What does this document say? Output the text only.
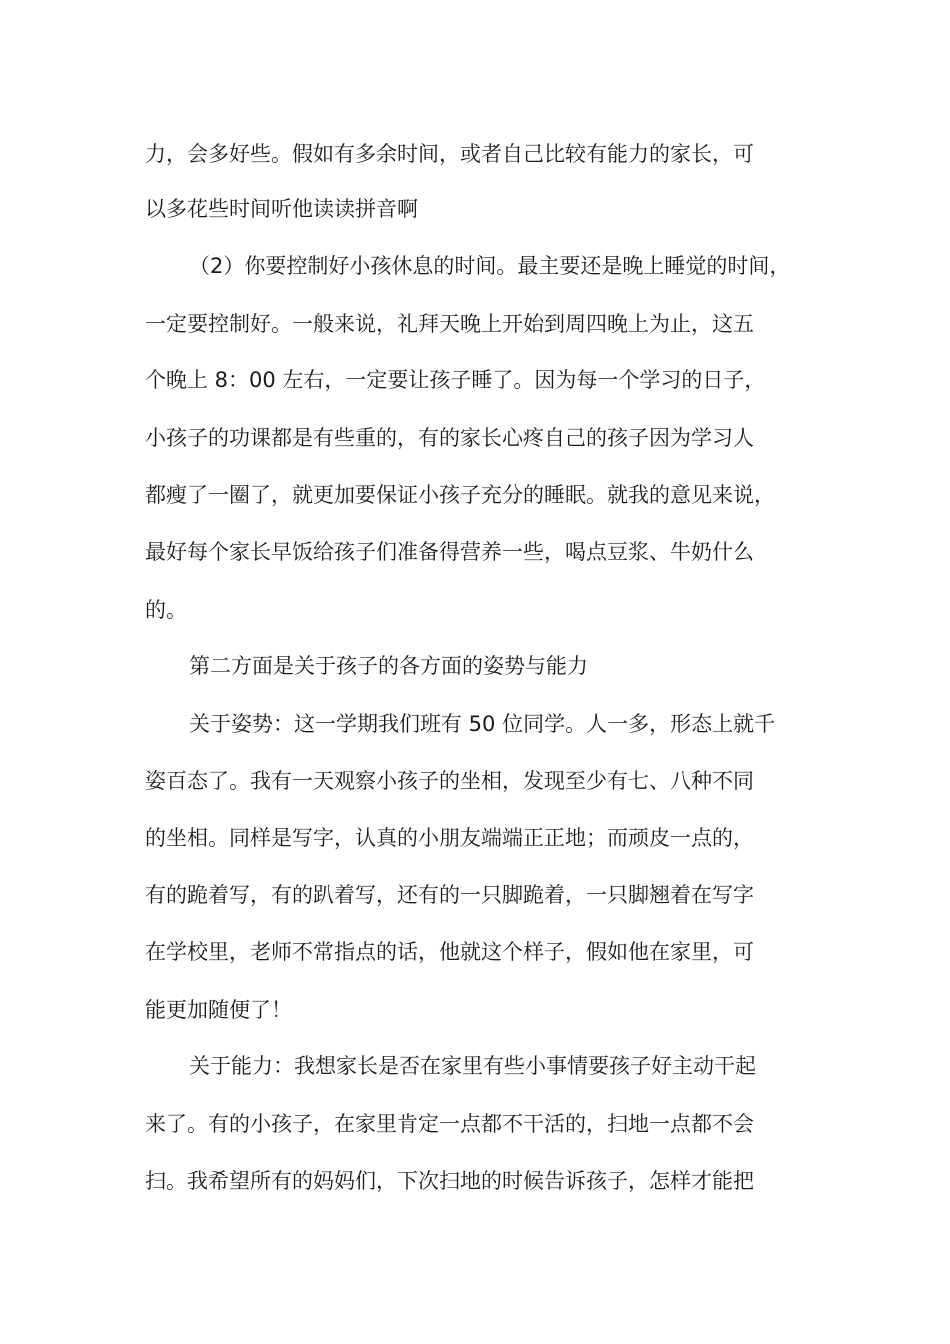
力，会多好些。假如有多余时间，或者自己比较有能力的家长，可

以多花些时间听他读读拼音啊

（2）你要控制好小孩休息的时间。最主要还是晚上睡觉的时间，

一定要控制好。一般来说，礼拜天晚上开始到周四晚上为止，这五

个晚上 8：00 左右，一定要让孩子睡了。因为每一个学习的日子，

小孩子的功课都是有些重的，有的家长心疼自己的孩子因为学习人

都瘦了一圈了，就更加要保证小孩子充分的睡眠。就我的意见来说，

最好每个家长早饭给孩子们准备得营养一些，喝点豆浆、牛奶什么

的。

第二方面是关于孩子的各方面的姿势与能力

关于姿势：这一学期我们班有 50 位同学。人一多，形态上就千

姿百态了。我有一天观察小孩子的坐相，发现至少有七、八种不同

的坐相。同样是写字，认真的小朋友端端正正地；而顽皮一点的，

有的跪着写，有的趴着写，还有的一只脚跪着，一只脚翘着在写字

在学校里，老师不常指点的话，他就这个样子，假如他在家里，可

能更加随便了！

关于能力：我想家长是否在家里有些小事情要孩子好主动干起

来了。有的小孩子，在家里肯定一点都不干活的，扫地一点都不会

扫。我希望所有的妈妈们，下次扫地的时候告诉孩子，怎样才能把
